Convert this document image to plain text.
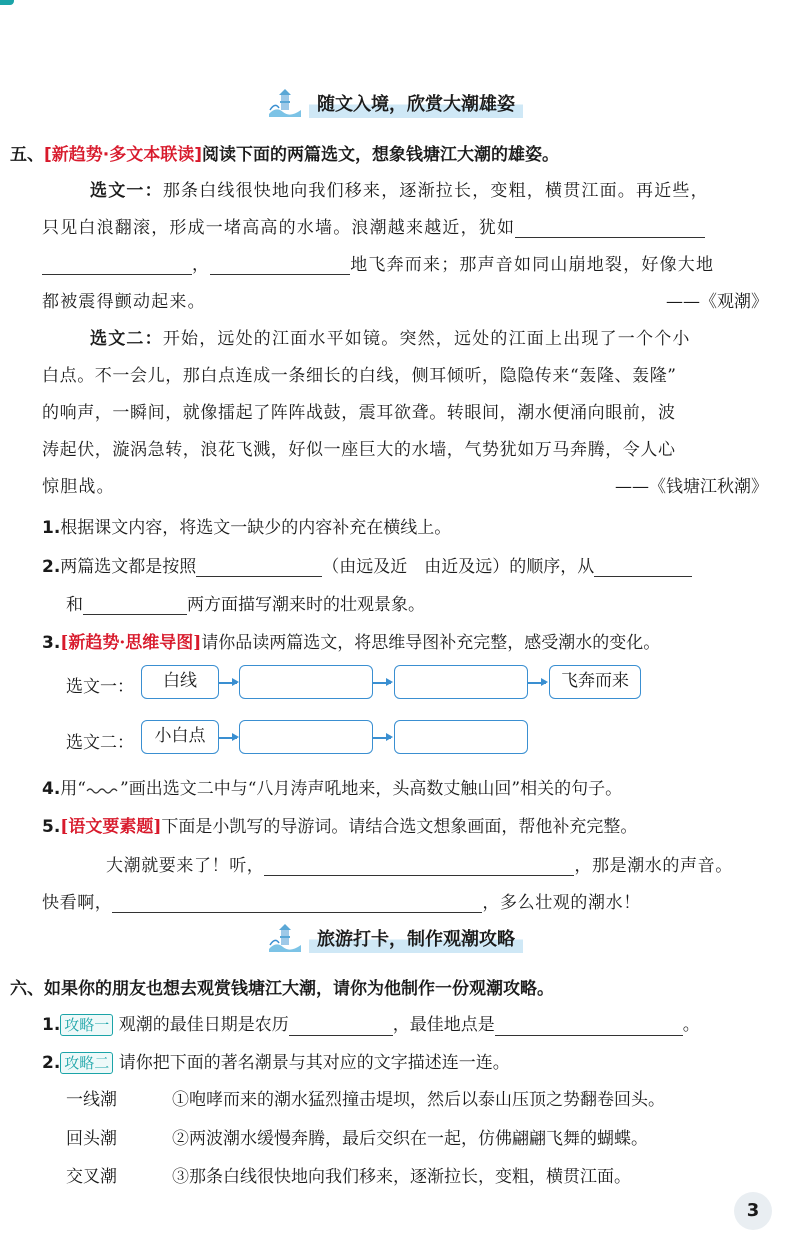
随文入境，欣赏大潮雄姿
五、[新趋势·多文本联读]阅读下面的两篇选文，想象钱塘江大潮的雄姿。
选文一：那条白线很快地向我们移来，逐渐拉长，变粗，横贯江面。再近些，
只见白浪翻滚，形成一堵高高的水墙。浪潮越来越近，犹如
，	地飞奔而来；那声音如同山崩地裂，好像大地
都被震得颤动起来。	——《观潮》
选文二：开始，远处的江面水平如镜。突然，远处的江面上出现了一个个小
白点。不一会儿，那白点连成一条细长的白线，侧耳倾听，隐隐传来“轰隆、轰隆”
的响声，一瞬间，就像擂起了阵阵战鼓，震耳欲聋。转眼间，潮水便涌向眼前，波
涛起伏，漩涡急转，浪花飞溅，好似一座巨大的水墙，气势犹如万马奔腾，令人心
惊胆战。	——《钱塘江秋潮》
1.根据课文内容，将选文一缺少的内容补充在横线上。
2.两篇选文都是按照	（由远及近　由近及远）的顺序，从
和	两方面描写潮来时的壮观景象。
3.[新趋势·思维导图]请你品读两篇选文，将思维导图补充完整，感受潮水的变化。
选文一：	白线	飞奔而来
选文二：	小白点
4.用“ ”画出选文二中与“八月涛声吼地来，头高数丈触山回”相关的句子。
5.[语文要素题]下面是小凯写的导游词。请结合选文想象画面，帮他补充完整。
大潮就要来了！听，	，那是潮水的声音。
快看啊，	，多么壮观的潮水！
旅游打卡，制作观潮攻略
六、如果你的朋友也想去观赏钱塘江大潮，请你为他制作一份观潮攻略。
1. 攻略一 观潮的最佳日期是农历	，最佳地点是	。
2. 攻略二 请你把下面的著名潮景与其对应的文字描述连一连。
一线潮	①咆哮而来的潮水猛烈撞击堤坝，然后以泰山压顶之势翻卷回头。
回头潮	②两波潮水缓慢奔腾，最后交织在一起，仿佛翩翩飞舞的蝴蝶。
交叉潮	③那条白线很快地向我们移来，逐渐拉长，变粗，横贯江面。
3
